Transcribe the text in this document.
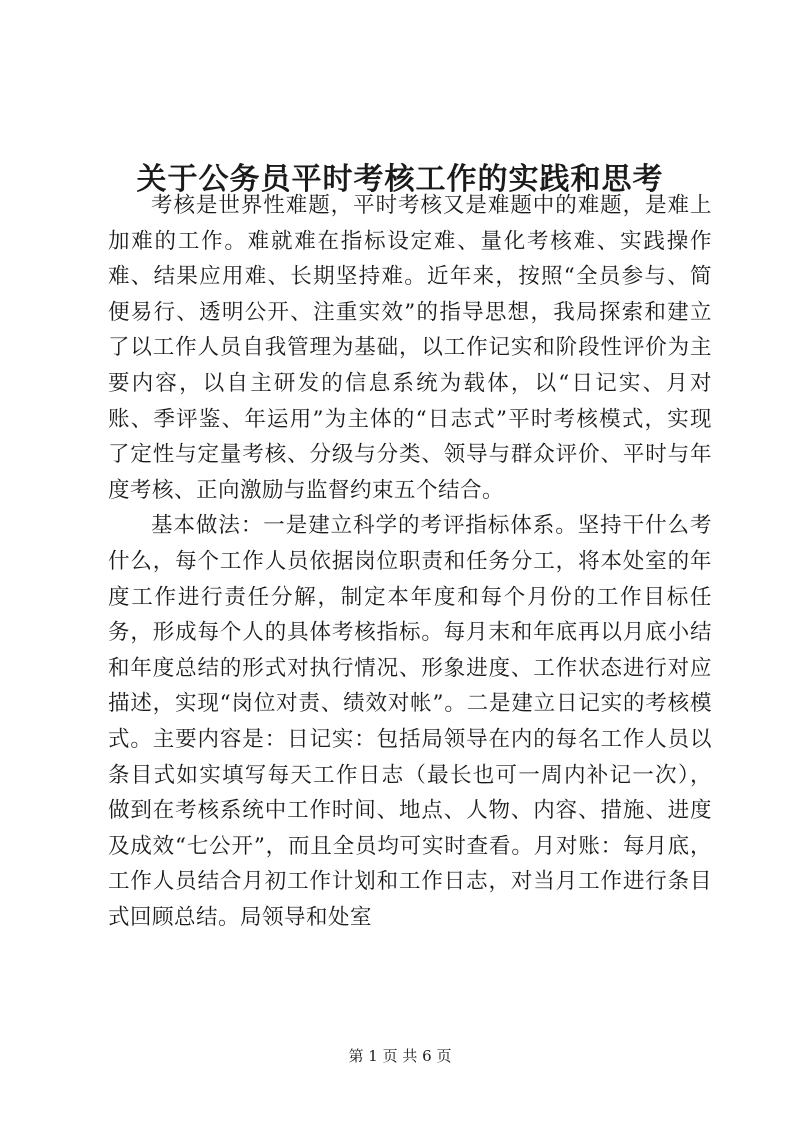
关于公务员平时考核工作的实践和思考

考核是世界性难题，平时考核又是难题中的难题，是难上加难的工作。难就难在指标设定难、量化考核难、实践操作难、结果应用难、长期坚持难。近年来，按照“全员参与、简便易行、透明公开、注重实效”的指导思想，我局探索和建立了以工作人员自我管理为基础，以工作记实和阶段性评价为主要内容，以自主研发的信息系统为载体，以“日记实、月对账、季评鉴、年运用”为主体的“日志式”平时考核模式，实现了定性与定量考核、分级与分类、领导与群众评价、平时与年度考核、正向激励与监督约束五个结合。

基本做法：一是建立科学的考评指标体系。坚持干什么考什么，每个工作人员依据岗位职责和任务分工，将本处室的年度工作进行责任分解，制定本年度和每个月份的工作目标任务，形成每个人的具体考核指标。每月末和年底再以月底小结和年度总结的形式对执行情况、形象进度、工作状态进行对应描述，实现“岗位对责、绩效对帐”。二是建立日记实的考核模式。主要内容是：日记实：包括局领导在内的每名工作人员以条目式如实填写每天工作日志（最长也可一周内补记一次），做到在考核系统中工作时间、地点、人物、内容、措施、进度及成效“七公开”，而且全员均可实时查看。月对账：每月底，工作人员结合月初工作计划和工作日志，对当月工作进行条目式回顾总结。局领导和处室

第 1 页 共 6 页
